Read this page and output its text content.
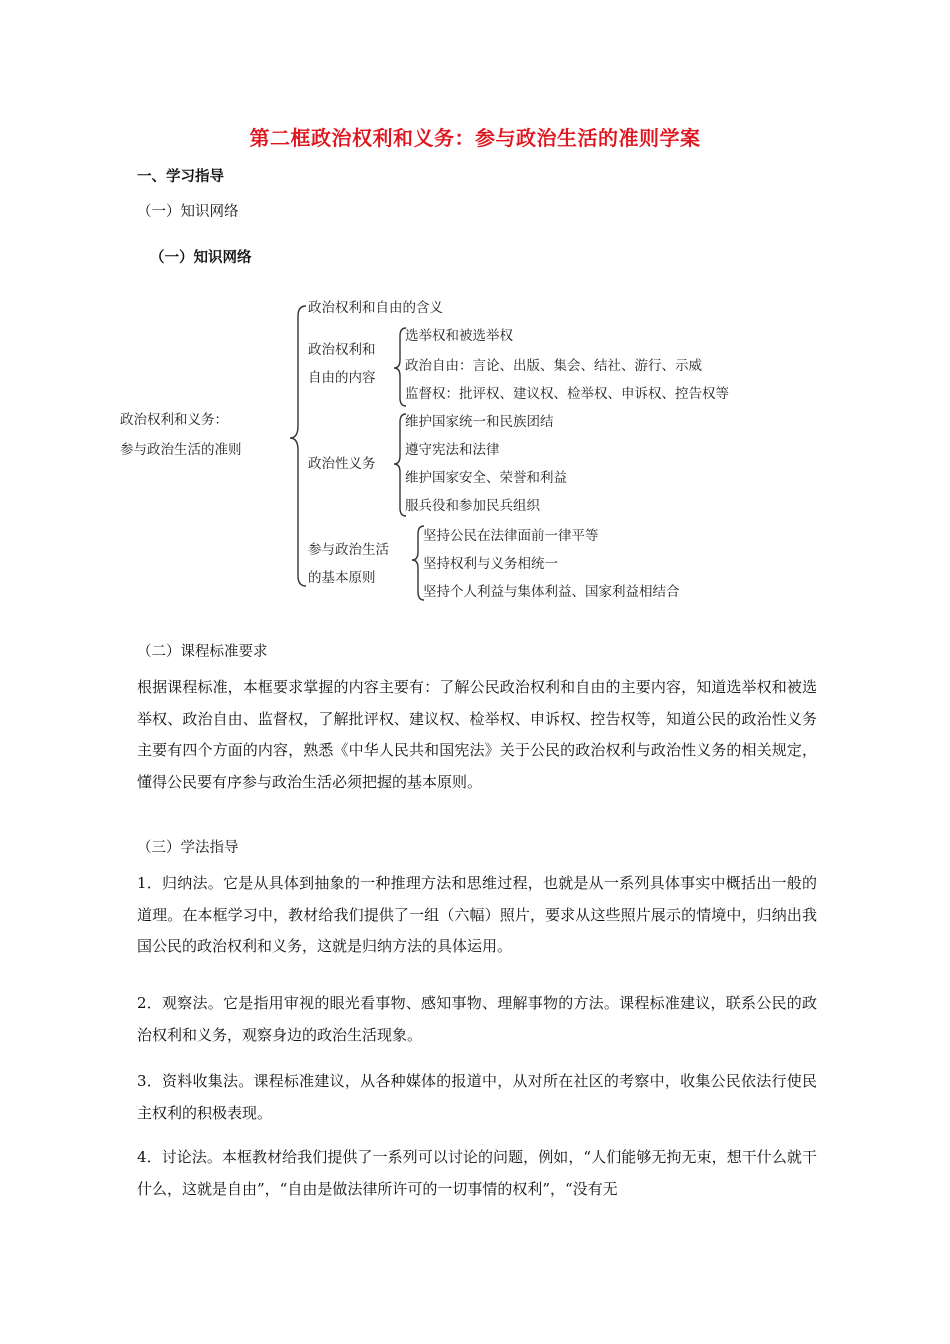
第二框政治权利和义务：参与政治生活的准则学案
一、学习指导
（一）知识网络
（一）知识网络
政治权利和义务：
参与政治生活的准则
政治权利和自由的含义
政治权利和
自由的内容
选举权和被选举权
政治自由：言论、出版、集会、结社、游行、示威
监督权：批评权、建议权、检举权、申诉权、控告权等
政治性义务
维护国家统一和民族团结
遵守宪法和法律
维护国家安全、荣誉和利益
服兵役和参加民兵组织
参与政治生活
的基本原则
坚持公民在法律面前一律平等
坚持权利与义务相统一
坚持个人利益与集体利益、国家利益相结合
（二）课程标准要求
根据课程标准，本框要求掌握的内容主要有：了解公民政治权利和自由的主要内容，知道选举权和被选举权、政治自由、监督权，了解批评权、建议权、检举权、申诉权、控告权等，知道公民的政治性义务主要有四个方面的内容，熟悉《中华人民共和国宪法》关于公民的政治权利与政治性义务的相关规定，懂得公民要有序参与政治生活必须把握的基本原则。
（三）学法指导
1．归纳法。它是从具体到抽象的一种推理方法和思维过程，也就是从一系列具体事实中概括出一般的道理。在本框学习中，教材给我们提供了一组（六幅）照片，要求从这些照片展示的情境中，归纳出我国公民的政治权利和义务，这就是归纳方法的具体运用。
2．观察法。它是指用审视的眼光看事物、感知事物、理解事物的方法。课程标准建议，联系公民的政治权利和义务，观察身边的政治生活现象。
3．资料收集法。课程标准建议，从各种媒体的报道中，从对所在社区的考察中，收集公民依法行使民主权利的积极表现。
4．讨论法。本框教材给我们提供了一系列可以讨论的问题，例如，“人们能够无拘无束，想干什么就干什么，这就是自由”，“自由是做法律所许可的一切事情的权利”，“没有无
